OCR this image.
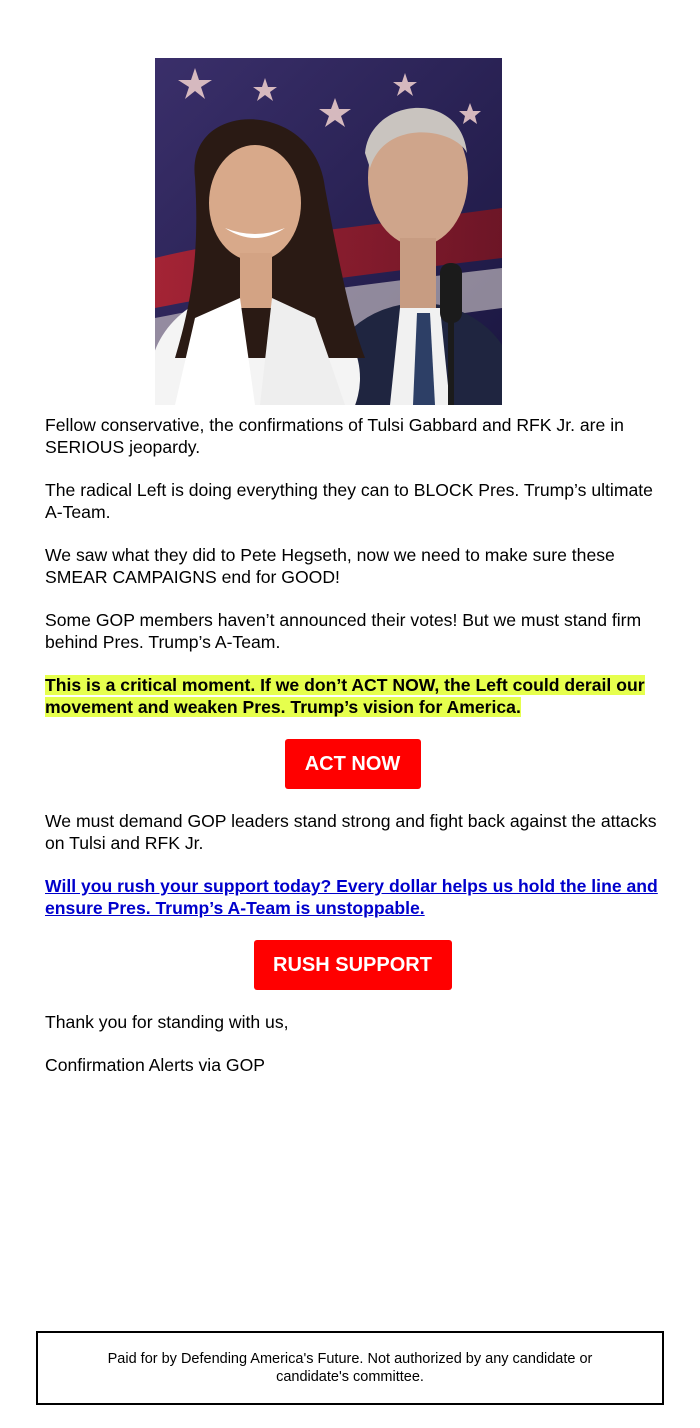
Fellow conservative, the confirmations of Tulsi Gabbard and RFK Jr. are in SERIOUS jeopardy.

The radical Left is doing everything they can to BLOCK Pres. Trump’s ultimate A-Team.

We saw what they did to Pete Hegseth, now we need to make sure these SMEAR CAMPAIGNS end for GOOD!

Some GOP members haven’t announced their votes! But we must stand firm behind Pres. Trump’s A-Team.

This is a critical moment. If we don’t ACT NOW, the Left could derail our movement and weaken Pres. Trump’s vision for America.

ACT NOW

We must demand GOP leaders stand strong and fight back against the attacks on Tulsi and RFK Jr.

Will you rush your support today? Every dollar helps us hold the line and ensure Pres. Trump’s A-Team is unstoppable.

RUSH SUPPORT

Thank you for standing with us,

Confirmation Alerts via GOP

Paid for by Defending America's Future. Not authorized by any candidate or candidate's committee.
